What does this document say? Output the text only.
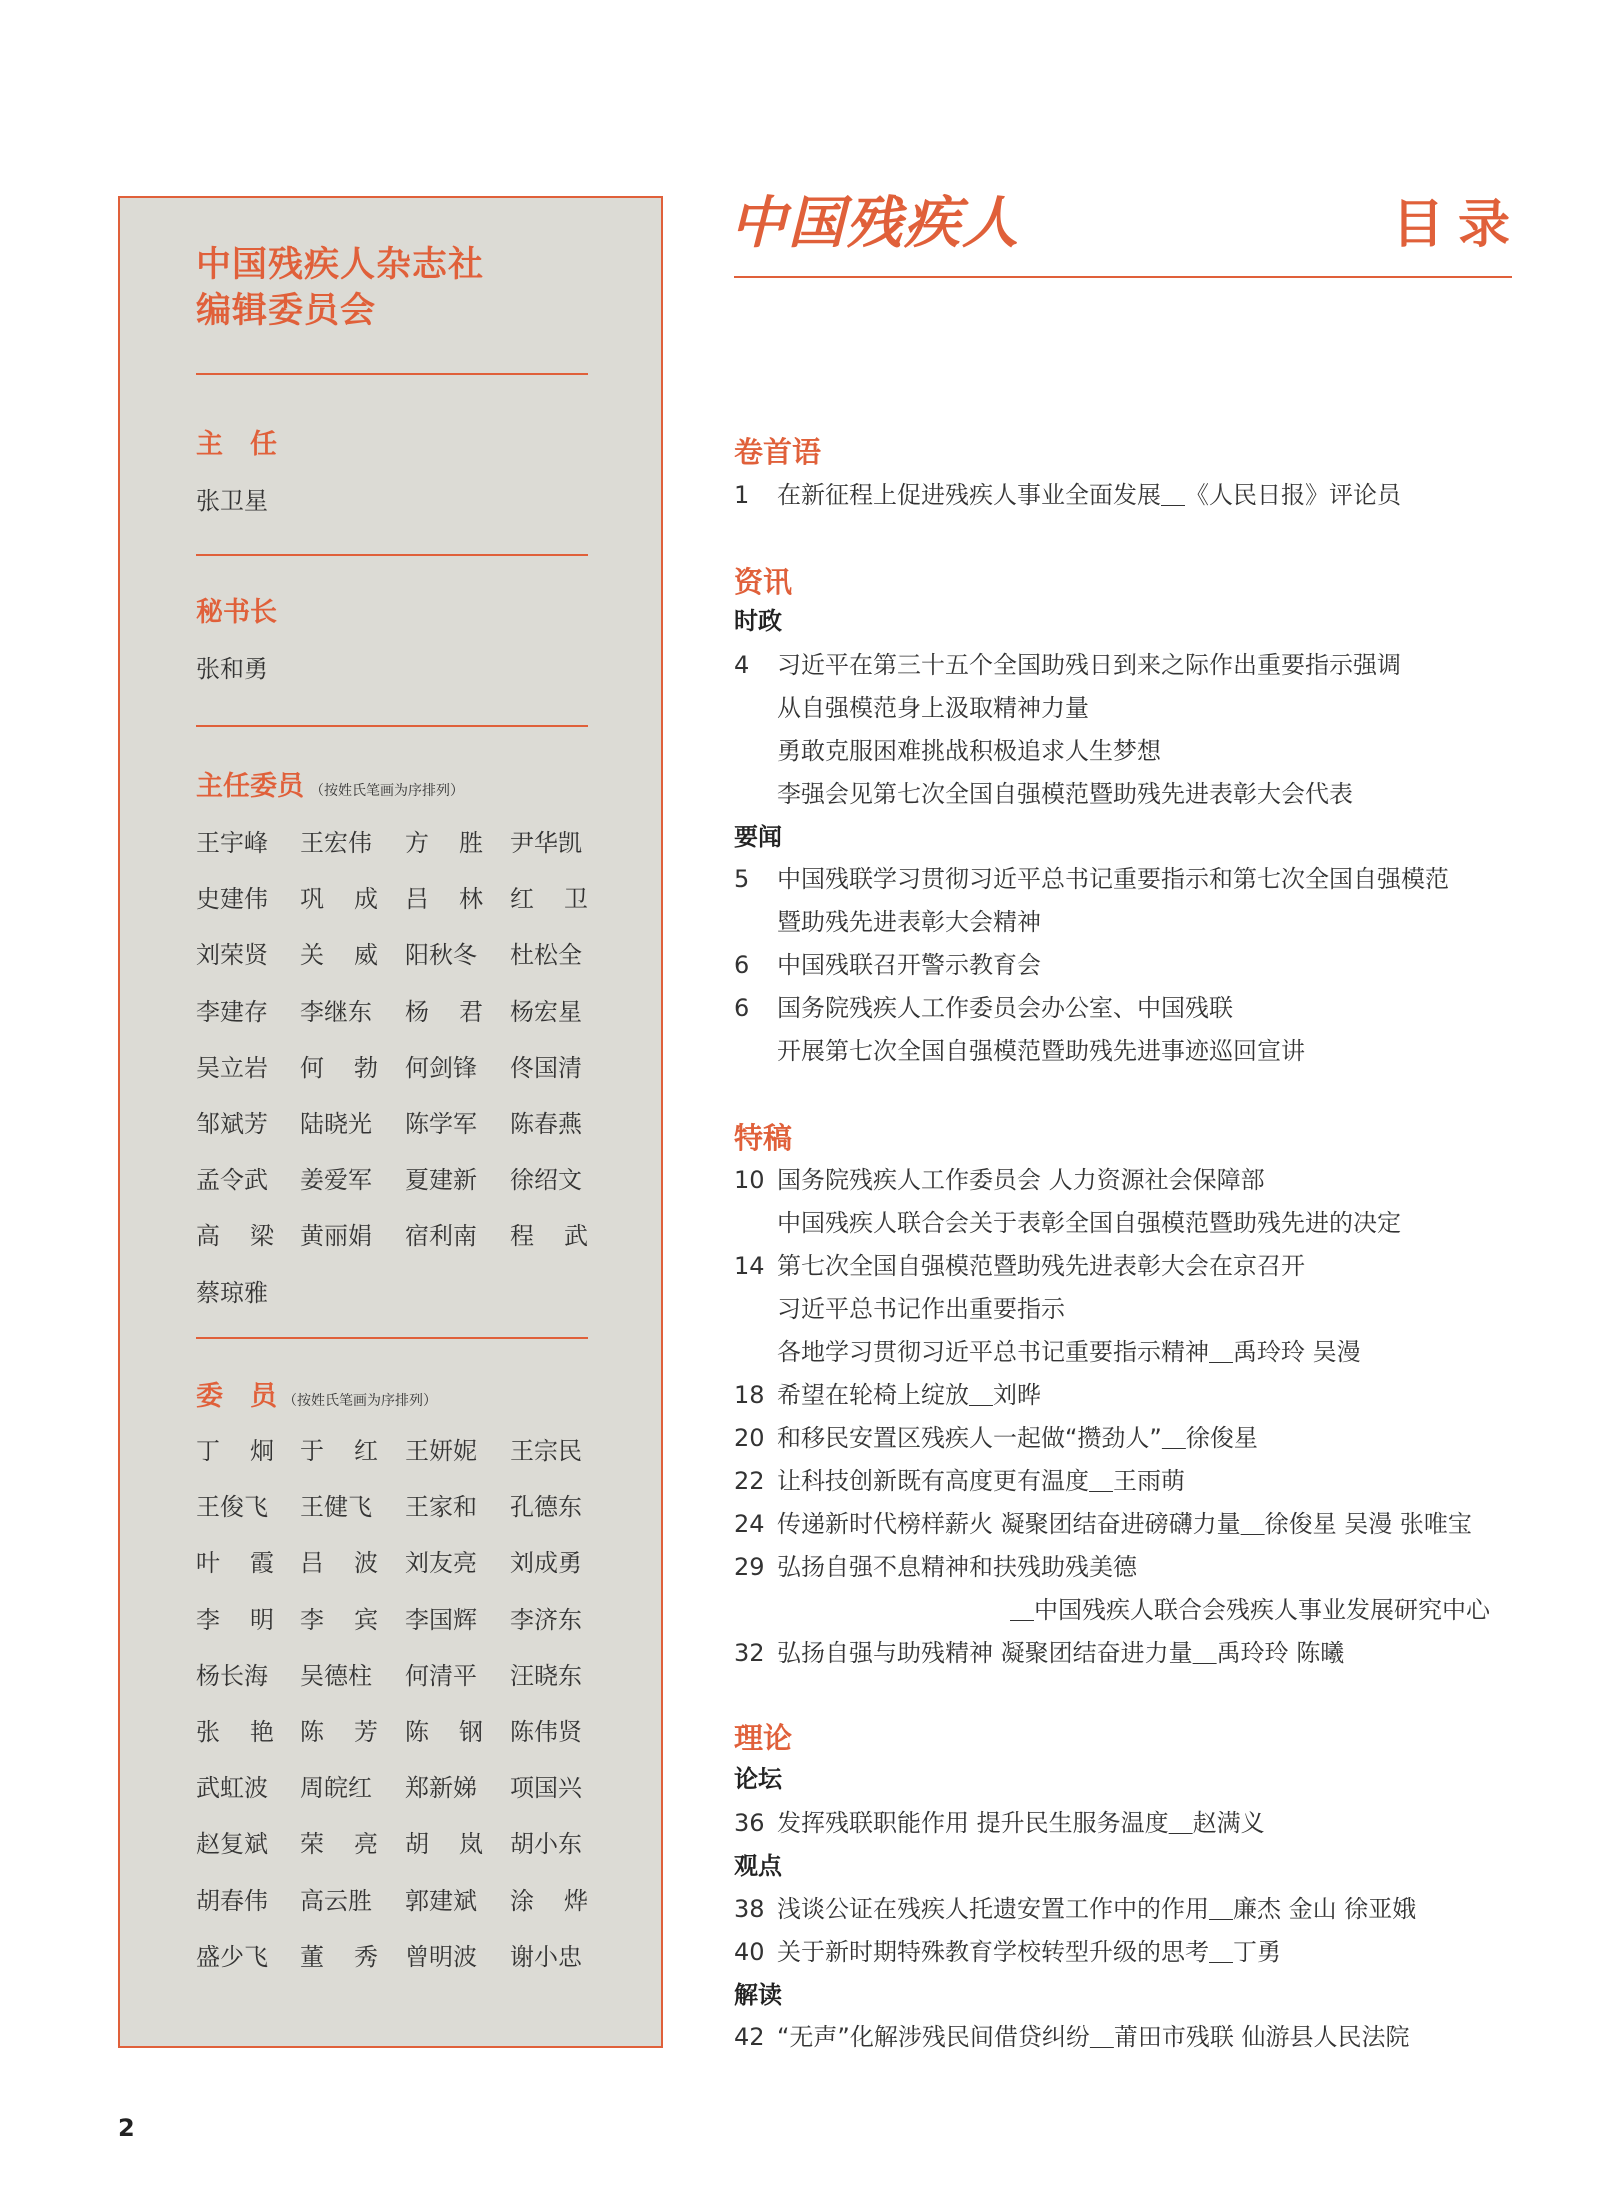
中国残疾人杂志社
编辑委员会
主　任
张卫星
秘书长
张和勇
主任委员 （按姓氏笔画为序排列）
王宇峰 王宏伟 方胜 尹华凯
史建伟 巩成 吕林 红卫
刘荣贤 关威 阳秋冬 杜松全
李建存 李继东 杨君 杨宏星
吴立岩 何勃 何剑锋 佟国清
邹斌芳 陆晓光 陈学军 陈春燕
孟令武 姜爱军 夏建新 徐绍文
高梁 黄丽娟 宿利南 程武
蔡琼雅
委　员 （按姓氏笔画为序排列）
丁炯 于红 王妍妮 王宗民
王俊飞 王健飞 王家和 孔德东
叶霞 吕波 刘友亮 刘成勇
李明 李宾 李国辉 李济东
杨长海 吴德柱 何清平 汪晓东
张艳 陈芳 陈钢 陈伟贤
武虹波 周皖红 郑新娣 项国兴
赵复斌 荣亮 胡岚 胡小东
胡春伟 高云胜 郭建斌 涂烨
盛少飞 董秀 曾明波 谢小忠
中国残疾人	目录
卷首语
1 在新征程上促进残疾人事业全面发展＿《人民日报》评论员
资讯
时政
4 习近平在第三十五个全国助残日到来之际作出重要指示强调
从自强模范身上汲取精神力量
勇敢克服困难挑战积极追求人生梦想
李强会见第七次全国自强模范暨助残先进表彰大会代表
要闻
5 中国残联学习贯彻习近平总书记重要指示和第七次全国自强模范
暨助残先进表彰大会精神
6 中国残联召开警示教育会
6 国务院残疾人工作委员会办公室、中国残联
开展第七次全国自强模范暨助残先进事迹巡回宣讲
特稿
10 国务院残疾人工作委员会 人力资源社会保障部
中国残疾人联合会关于表彰全国自强模范暨助残先进的决定
14 第七次全国自强模范暨助残先进表彰大会在京召开
习近平总书记作出重要指示
各地学习贯彻习近平总书记重要指示精神＿禹玲玲 吴漫
18 希望在轮椅上绽放＿刘晔
20 和移民安置区残疾人一起做“攒劲人”＿徐俊星
22 让科技创新既有高度更有温度＿王雨萌
24 传递新时代榜样薪火 凝聚团结奋进磅礴力量＿徐俊星 吴漫 张唯宝
29 弘扬自强不息精神和扶残助残美德
＿中国残疾人联合会残疾人事业发展研究中心
32 弘扬自强与助残精神 凝聚团结奋进力量＿禹玲玲 陈曦
理论
论坛
36 发挥残联职能作用 提升民生服务温度＿赵满义
观点
38 浅谈公证在残疾人托遗安置工作中的作用＿廉杰 金山 徐亚娥
40 关于新时期特殊教育学校转型升级的思考＿丁勇
解读
42 “无声”化解涉残民间借贷纠纷＿莆田市残联 仙游县人民法院
2
